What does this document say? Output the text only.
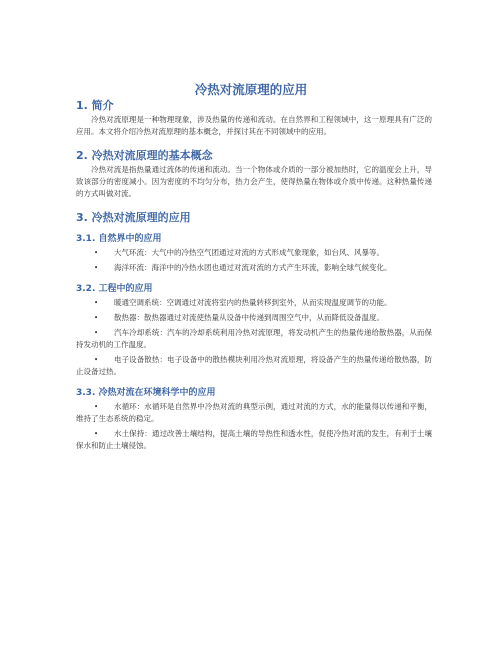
冷热对流原理的应用
1. 简介

冷热对流原理是一种物理现象，涉及热量的传递和流动。在自然界和工程领域中，这一原理具有广泛的应用。本文将介绍冷热对流原理的基本概念，并探讨其在不同领域中的应用。

2. 冷热对流原理的基本概念

冷热对流是指热量通过流体的传递和流动。当一个物体或介质的一部分被加热时，它的温度会上升，导致该部分的密度减小。因为密度的不均匀分布，热力会产生，使得热量在物体或介质中传递。这种热量传递的方式叫做对流。

3. 冷热对流原理的应用
3.1. 自然界中的应用
• 大气环流：大气中的冷热空气团通过对流的方式形成气象现象，如台风、风暴等。
• 海洋环流：海洋中的冷热水团也通过对流对流的方式产生环流，影响全球气候变化。
3.2. 工程中的应用
• 暖通空调系统：空调通过对流将室内的热量转移到室外，从而实现温度调节的功能。
• 散热器：散热器通过对流使热量从设备中传递到周围空气中，从而降低设备温度。
• 汽车冷却系统：汽车的冷却系统利用冷热对流原理，将发动机产生的热量传递给散热器，从而保持发动机的工作温度。
• 电子设备散热：电子设备中的散热模块利用冷热对流原理，将设备产生的热量传递给散热器，防止设备过热。
3.3. 冷热对流在环境科学中的应用
• 水循环：水循环是自然界中冷热对流的典型示例，通过对流的方式，水的能量得以传递和平衡，维持了生态系统的稳定。
• 水土保持：通过改善土壤结构，提高土壤的导热性和透水性，促使冷热对流的发生，有利于土壤保水和防止土壤侵蚀。
